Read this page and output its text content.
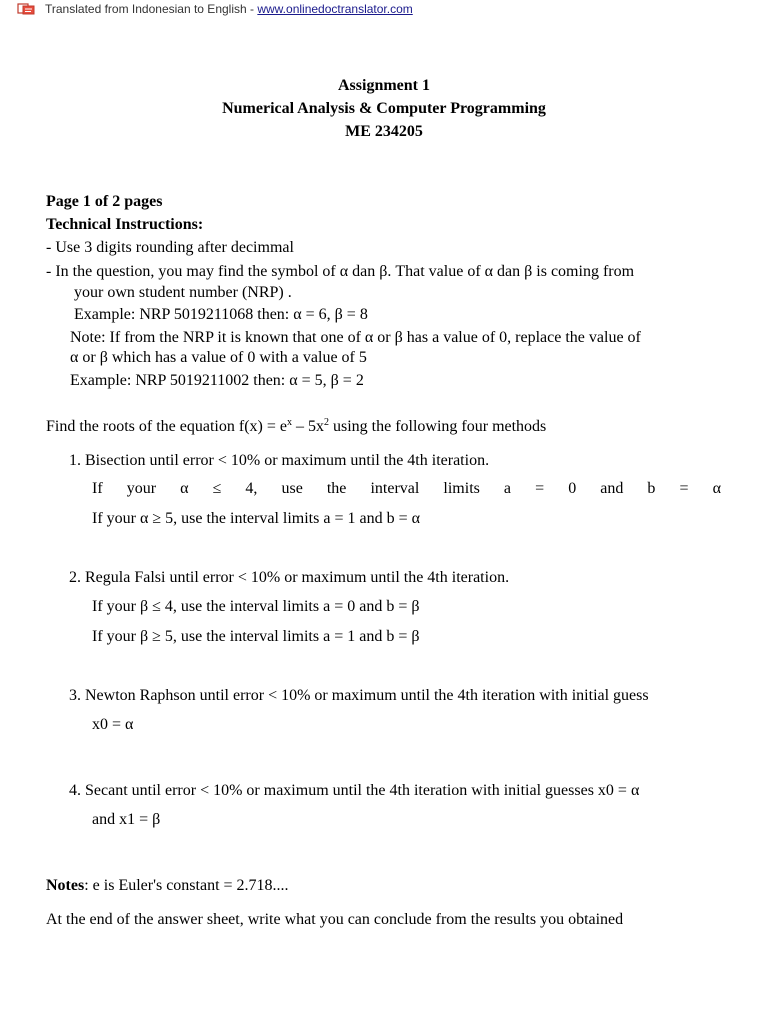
Translated from Indonesian to English - www.onlinedoctranslator.com
Assignment 1
Numerical Analysis & Computer Programming
ME 234205
Page 1 of 2 pages
Technical Instructions:
- Use 3 digits rounding after decimmal
- In the question, you may find the symbol of α dan β. That value of α dan β is coming from
your own student number (NRP) .
Example: NRP 5019211068 then: α = 6, β = 8
Note: If from the NRP it is known that one of α or β has a value of 0, replace the value of
α or β which has a value of 0 with a value of 5
Example: NRP 5019211002 then: α = 5, β = 2
Find the roots of the equation $f(x) = e^x - 5x^2$ using the following four methods
1. Bisection until error < 10% or maximum until the 4th iteration.
If your α ≤ 4, use the interval limits a = 0 and b = α
If your α ≥ 5, use the interval limits a = 1 and b = α
2. Regula Falsi until error < 10% or maximum until the 4th iteration.
If your β ≤ 4, use the interval limits a = 0 and b = β
If your β ≥ 5, use the interval limits a = 1 and b = β
3. Newton Raphson until error < 10% or maximum until the 4th iteration with initial guess
x0 = α
4. Secant until error < 10% or maximum until the 4th iteration with initial guesses x0 = α
and x1 = β
Notes: e is Euler's constant = 2.718....
At the end of the answer sheet, write what you can conclude from the results you obtained
